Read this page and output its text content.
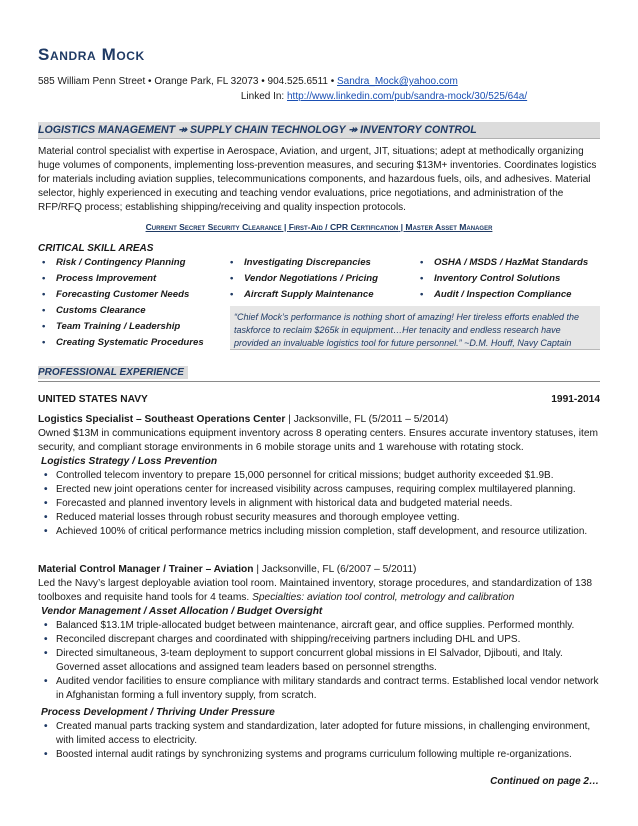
Sandra Mock
585 William Penn Street • Orange Park, FL 32073 • 904.525.6511 • Sandra_Mock@yahoo.com
Linked In: http://www.linkedin.com/pub/sandra-mock/30/525/64a/
LOGISTICS MANAGEMENT ↠ SUPPLY CHAIN TECHNOLOGY ↠ INVENTORY CONTROL
Material control specialist with expertise in Aerospace, Aviation, and urgent, JIT, situations; adept at methodically organizing huge volumes of components, implementing loss-prevention measures, and securing $13M+ inventories. Coordinates logistics for materials including aviation supplies, telecommunications components, and hazardous fuels, oils, and adhesives. Material selector, highly experienced in executing and teaching vendor evaluations, price negotiations, and administration of the RFP/RFQ process; establishing shipping/receiving and quality inspection protocols.
Current Secret Security Clearance | First-Aid / CPR Certification | Master Asset Manager
CRITICAL SKILL AREAS
• Risk / Contingency Planning
• Process Improvement
• Forecasting Customer Needs
• Customs Clearance
• Team Training / Leadership
• Creating Systematic Procedures
• Investigating Discrepancies
• Vendor Negotiations / Pricing
• Aircraft Supply Maintenance
• OSHA / MSDS / HazMat Standards
• Inventory Control Solutions
• Audit / Inspection Compliance
“Chief Mock’s performance is nothing short of amazing! Her tireless efforts enabled the taskforce to reclaim $265k in equipment…Her tenacity and endless research have provided an invaluable logistics tool for future personnel.” ~D.M. Houff, Navy Captain
PROFESSIONAL EXPERIENCE
UNITED STATES NAVY	1991-2014
Logistics Specialist – Southeast Operations Center | Jacksonville, FL (5/2011 – 5/2014)
Owned $13M in communications equipment inventory across 8 operating centers. Ensures accurate inventory statuses, item security, and compliant storage environments in 6 mobile storage units and 1 warehouse with rotating stock.
Logistics Strategy / Loss Prevention
• Controlled telecom inventory to prepare 15,000 personnel for critical missions; budget authority exceeded $1.9B.
• Erected new joint operations center for increased visibility across campuses, requiring complex multilayered planning.
• Forecasted and planned inventory levels in alignment with historical data and budgeted material needs.
• Reduced material losses through robust security measures and thorough employee vetting.
• Achieved 100% of critical performance metrics including mission completion, staff development, and resource utilization.
Material Control Manager / Trainer – Aviation | Jacksonville, FL (6/2007 – 5/2011)
Led the Navy’s largest deployable aviation tool room. Maintained inventory, storage procedures, and standardization of 138 toolboxes and requisite hand tools for 4 teams. Specialties: aviation tool control, metrology and calibration
Vendor Management / Asset Allocation / Budget Oversight
• Balanced $13.1M triple-allocated budget between maintenance, aircraft gear, and office supplies. Performed monthly.
• Reconciled discrepant charges and coordinated with shipping/receiving partners including DHL and UPS.
• Directed simultaneous, 3-team deployment to support concurrent global missions in El Salvador, Djibouti, and Italy. Governed asset allocations and assigned team leaders based on personnel strengths.
• Audited vendor facilities to ensure compliance with military standards and contract terms. Established local vendor network in Afghanistan forming a full inventory supply, from scratch.
Process Development / Thriving Under Pressure
• Created manual parts tracking system and standardization, later adopted for future missions, in challenging environment, with limited access to electricity.
• Boosted internal audit ratings by synchronizing systems and programs curriculum following multiple re-organizations.
Continued on page 2…
